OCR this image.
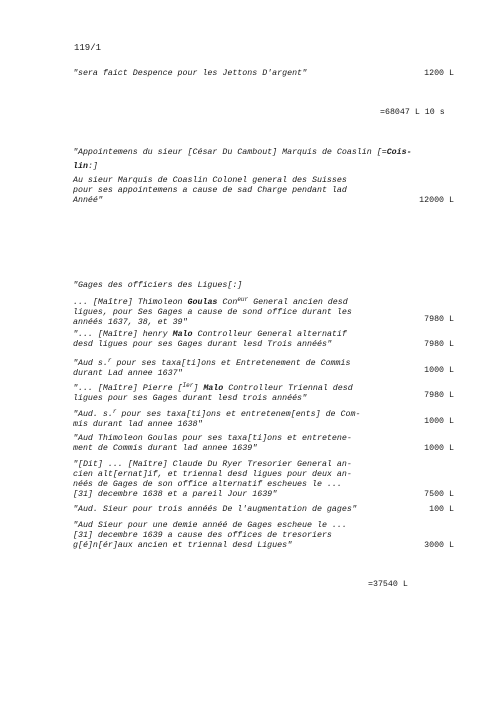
119/1
"sera faict Despence pour les Jettons D'argent"	1200 L
=68047 L 10 s
"Appointemens du sieur [César Du Cambout] Marquis de Coaslin [=Cois-
lin:]
Au sieur Marquis de Coaslin Colonel general des Suisses
pour ses appointemens a cause de sad Charge pendant lad
Annéé"	12000 L
"Gages des officiers des Ligues[:]
... [Maître] Thimoleon Goulas Con$^{eur}$ General ancien desd
ligues, pour Ses Gages a cause de sond office durant les
annéés 1637, 38, et 39"	7980 L
"... [Maître] henry Malo Controlleur General alternatif
desd ligues pour ses Gages durant lesd Trois annéés"	7980 L
"Aud s.$^r$ pour ses taxa[ti]ons et Entretenement de Commis
durant Lad annee 1637"	1000 L
"... [Maître] Pierre [$^{Ier}$] Malo Controlleur Triennal desd
ligues pour ses Gages durant lesd trois annéés"	7980 L
"Aud. s.$^r$ pour ses taxa[ti]ons et entretenem[ents] de Com-
mis durant lad annee 1638"	1000 L
"Aud Thimoleon Goulas pour ses taxa[ti]ons et entretene-
ment de Commis durant lad annee 1639"	1000 L
"[Dit] ... [Maître] Claude Du Ryer Tresorier General an-
cien alt[ernat]if, et triennal desd ligues pour deux an-
néés de Gages de son office alternatif escheues le ...
[31] decembre 1638 et a pareil Jour 1639"	7500 L
"Aud. Sieur pour trois annéés De l'augmentation de gages"	100 L
"Aud Sieur pour une demie annéé de Gages escheue le ...
[31] decembre 1639 a cause des offices de tresoriers
g[é]n[ér]aux ancien et triennal desd Ligues"	3000 L
=37540 L
